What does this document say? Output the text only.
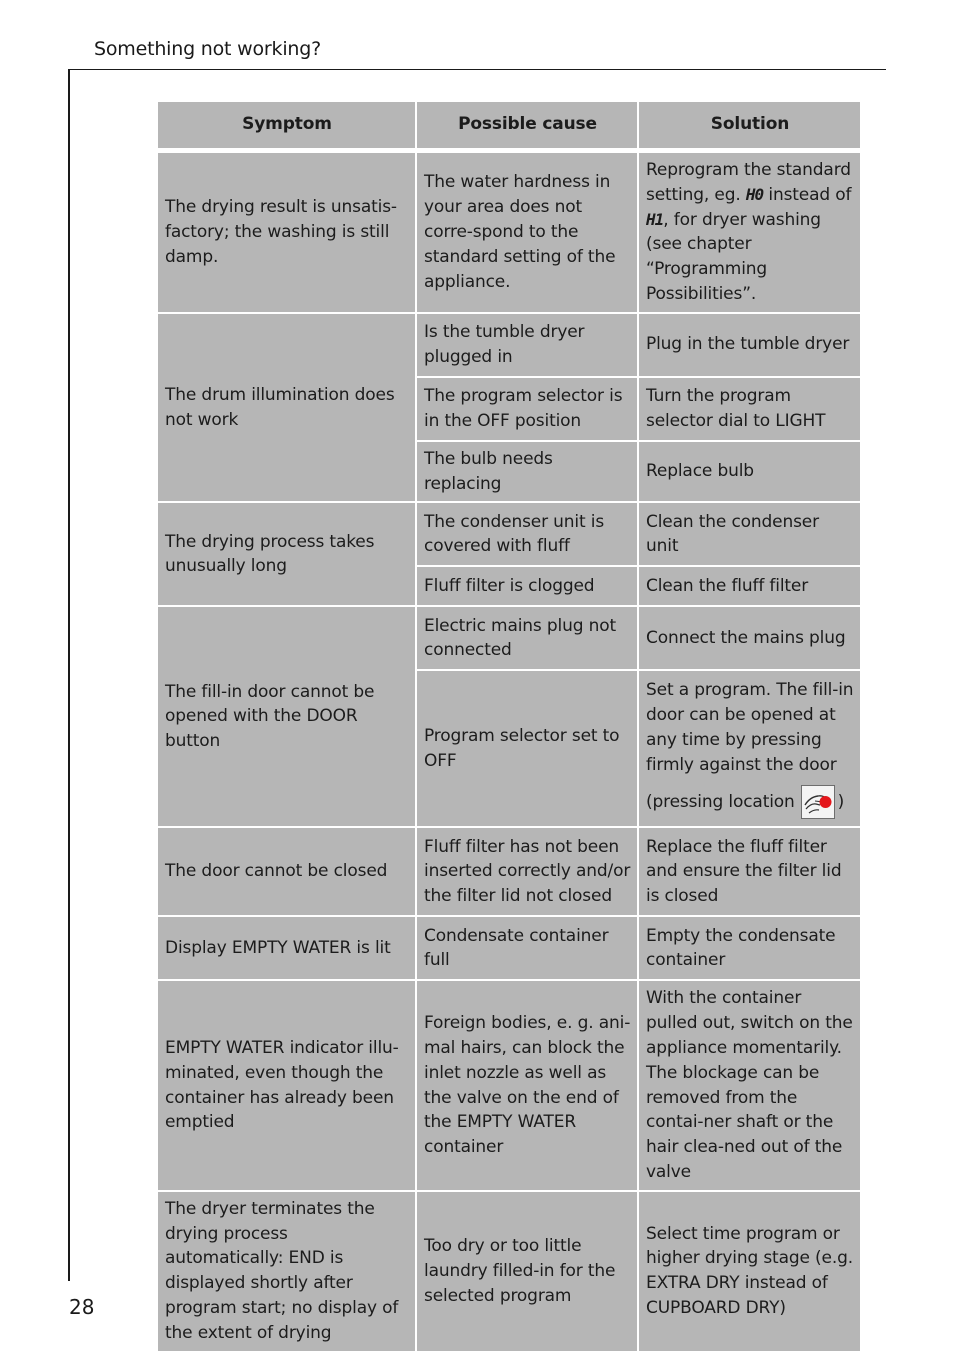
Something not working?
Symptom	Possible cause	Solution

The drying result is unsatis-factory; the washing is still damp.	The water hardness in your area does not corre-spond to the standard setting of the appliance.	Reprogram the standard setting, eg. H0 instead of H1, for dryer washing (see chapter “Programming Possibilities”.
The drum illumination does not work	Is the tumble dryer plugged in	Plug in the tumble dryer
	The program selector is in the OFF position	Turn the program selector dial to LIGHT
	The bulb needs replacing	Replace bulb
The drying process takes unusually long	The condenser unit is covered with fluff	Clean the condenser unit
	Fluff filter is clogged	Clean the fluff filter
The fill-in door cannot be opened with the DOOR button	Electric mains plug not connected	Connect the mains plug
	Program selector set to OFF	Set a program. The fill-in door can be opened at any time by pressing firmly against the door
(pressing location )

The door cannot be closed	Fluff filter has not been inserted correctly and/or the filter lid not closed	Replace the fluff filter and ensure the filter lid is closed
Display EMPTY WATER is lit	Condensate container full	Empty the condensate container
EMPTY WATER indicator illu-minated, even though the container has already been emptied	Foreign bodies, e. g. ani-mal hairs, can block the inlet nozzle as well as the valve on the end of the EMPTY WATER container	With the container pulled out, switch on the appliance momentarily. The blockage can be removed from the contai-ner shaft or the hair clea-ned out of the valve
The dryer terminates the drying process automatically: END is displayed shortly after program start; no display of the extent of drying	Too dry or too little laundry filled-in for the selected program	Select time program or higher drying stage (e.g. EXTRA DRY instead of CUPBOARD DRY)
28
